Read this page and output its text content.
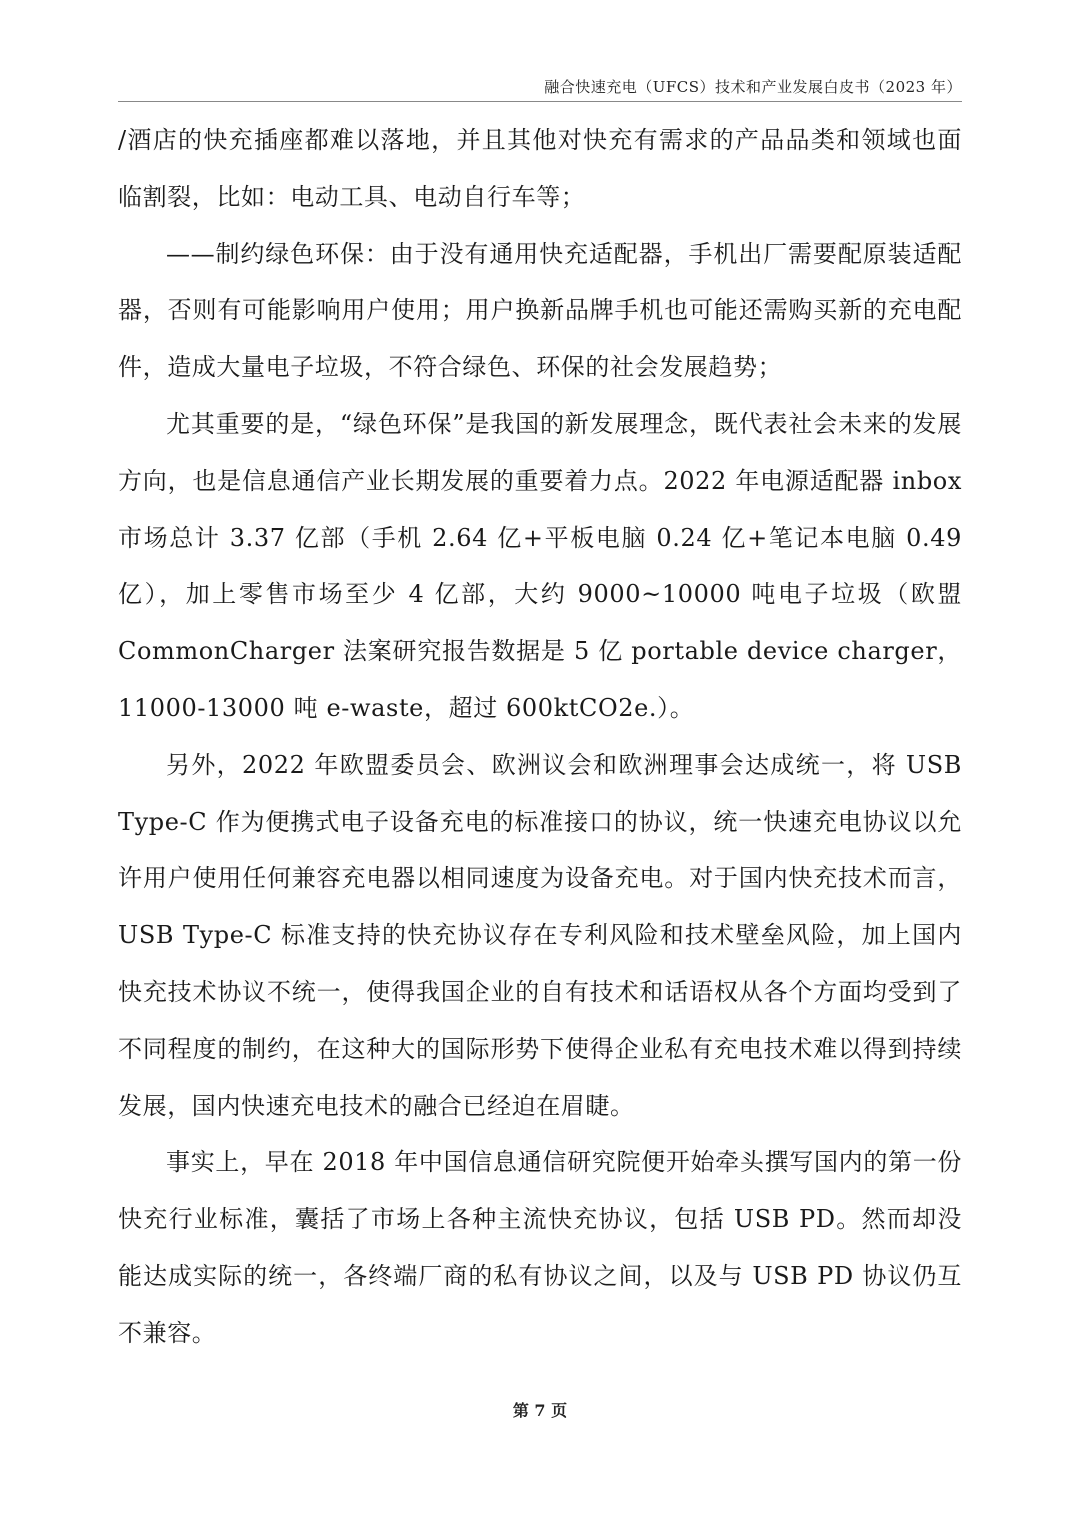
融合快速充电（UFCS）技术和产业发展白皮书（2023 年）

/酒店的快充插座都难以落地，并且其他对快充有需求的产品品类和领域也面临割裂，比如：电动工具、电动自行车等；

——制约绿色环保：由于没有通用快充适配器，手机出厂需要配原装适配器，否则有可能影响用户使用；用户换新品牌手机也可能还需购买新的充电配件，造成大量电子垃圾，不符合绿色、环保的社会发展趋势；

尤其重要的是，“绿色环保”是我国的新发展理念，既代表社会未来的发展方向，也是信息通信产业长期发展的重要着力点。2022 年电源适配器 inbox 市场总计 3.37 亿部（手机 2.64 亿+平板电脑 0.24 亿+笔记本电脑 0.49 亿），加上零售市场至少 4 亿部，大约 9000~10000 吨电子垃圾（欧盟 CommonCharger 法案研究报告数据是 5 亿 portable device charger，11000-13000 吨 e-waste，超过 600ktCO2e.）。

另外，2022 年欧盟委员会、欧洲议会和欧洲理事会达成统一，将 USB Type-C 作为便携式电子设备充电的标准接口的协议，统一快速充电协议以允许用户使用任何兼容充电器以相同速度为设备充电。对于国内快充技术而言，USB Type-C 标准支持的快充协议存在专利风险和技术壁垒风险，加上国内快充技术协议不统一，使得我国企业的自有技术和话语权从各个方面均受到了不同程度的制约，在这种大的国际形势下使得企业私有充电技术难以得到持续发展，国内快速充电技术的融合已经迫在眉睫。

事实上，早在 2018 年中国信息通信研究院便开始牵头撰写国内的第一份快充行业标准，囊括了市场上各种主流快充协议，包括 USB PD。然而却没能达成实际的统一，各终端厂商的私有协议之间，以及与 USB PD 协议仍互不兼容。

第 7 页
